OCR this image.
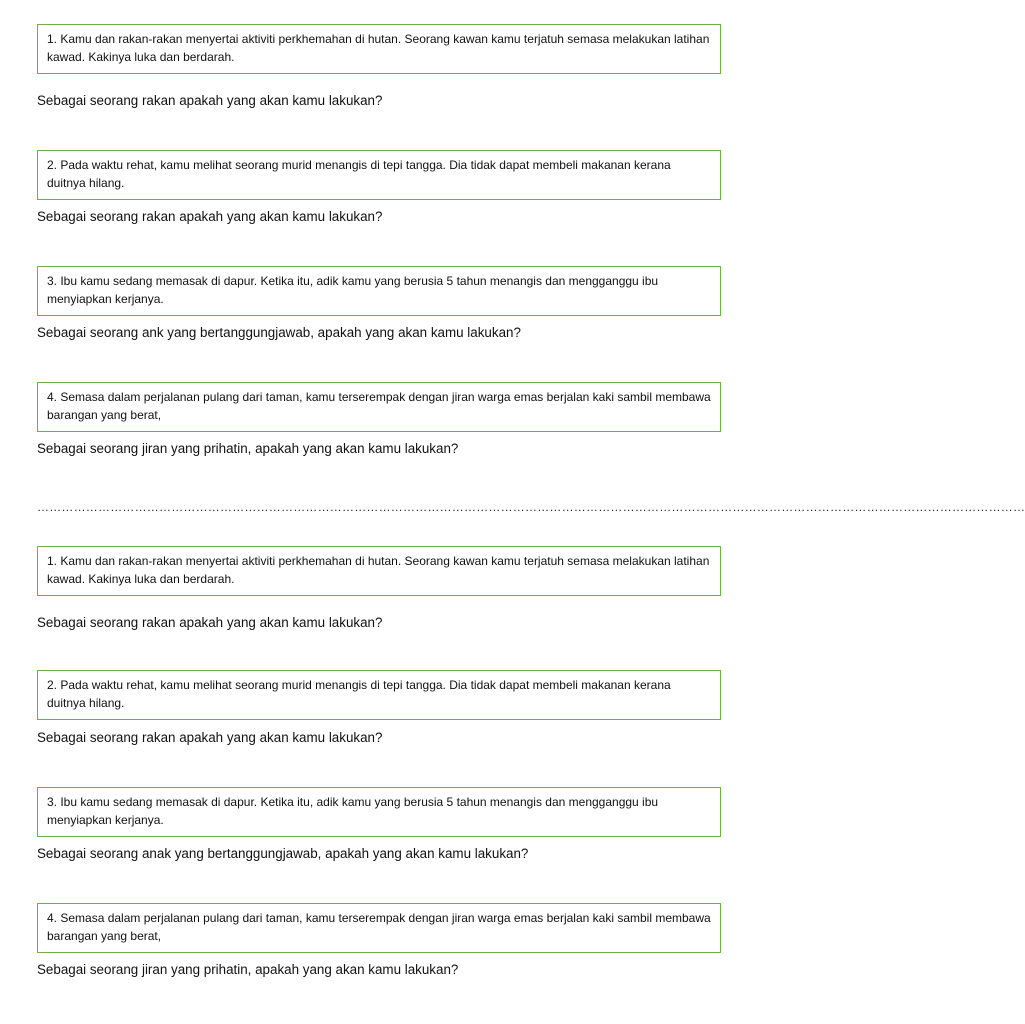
1. Kamu dan rakan-rakan menyertai aktiviti perkhemahan di hutan. Seorang kawan kamu terjatuh semasa melakukan latihan kawad. Kakinya luka dan berdarah.
Sebagai seorang rakan apakah yang akan kamu lakukan?
2. Pada waktu rehat, kamu melihat seorang murid menangis di tepi tangga. Dia tidak dapat membeli makanan kerana duitnya hilang.
Sebagai seorang rakan apakah yang akan kamu lakukan?
3. Ibu kamu sedang memasak di dapur. Ketika itu, adik kamu yang berusia 5 tahun menangis dan mengganggu ibu menyiapkan kerjanya.
Sebagai seorang ank yang bertanggungjawab, apakah yang akan kamu lakukan?
4. Semasa dalam perjalanan pulang dari taman, kamu terserempak dengan jiran warga emas berjalan kaki sambil membawa barangan yang berat,
Sebagai seorang jiran yang prihatin, apakah yang akan kamu lakukan?
………………………………………………………………………………………………………………………………………………………………………………………………………………………
1. Kamu dan rakan-rakan menyertai aktiviti perkhemahan di hutan. Seorang kawan kamu terjatuh semasa melakukan latihan kawad. Kakinya luka dan berdarah.
Sebagai seorang rakan apakah yang akan kamu lakukan?
2. Pada waktu rehat, kamu melihat seorang murid menangis di tepi tangga. Dia tidak dapat membeli makanan kerana duitnya hilang.
Sebagai seorang rakan apakah yang akan kamu lakukan?
3. Ibu kamu sedang memasak di dapur. Ketika itu, adik kamu yang berusia 5 tahun menangis dan mengganggu ibu menyiapkan kerjanya.
Sebagai seorang anak yang bertanggungjawab, apakah yang akan kamu lakukan?
4. Semasa dalam perjalanan pulang dari taman, kamu terserempak dengan jiran warga emas berjalan kaki sambil membawa barangan yang berat,
Sebagai seorang jiran yang prihatin, apakah yang akan kamu lakukan?
